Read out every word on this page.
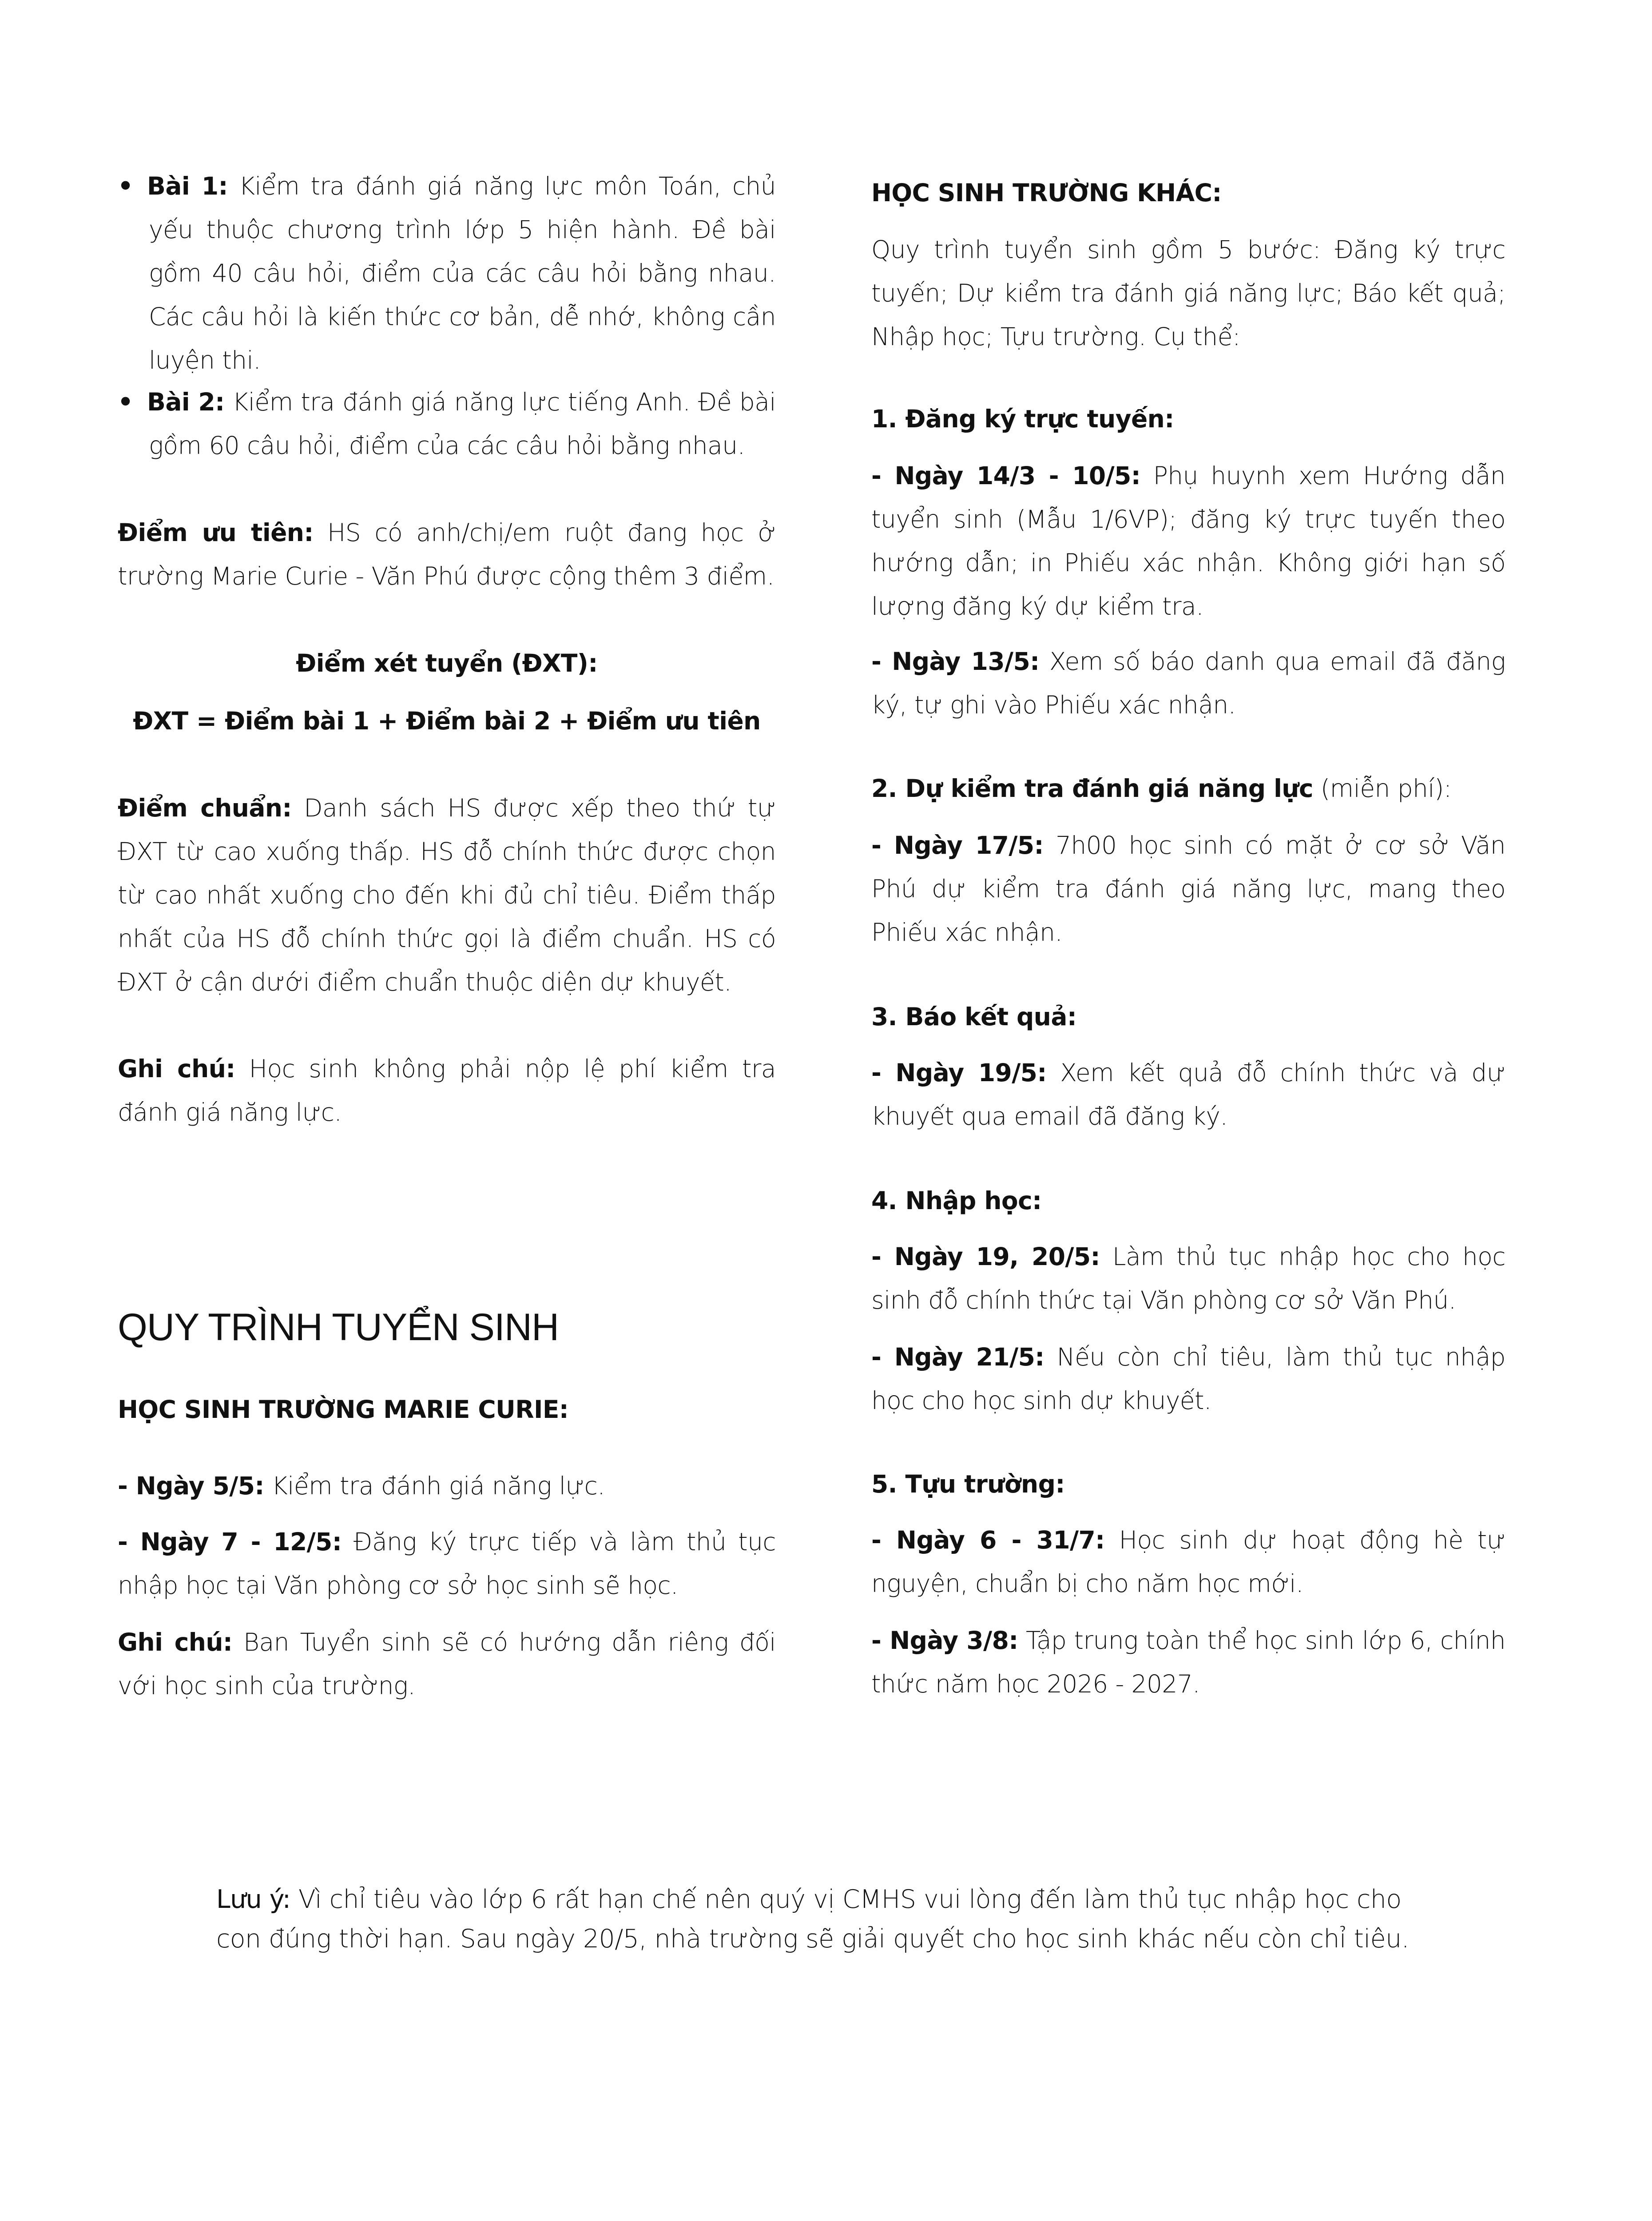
• Bài 1: Kiểm tra đánh giá năng lực môn Toán, chủ yếu thuộc chương trình lớp 5 hiện hành. Đề bài gồm 40 câu hỏi, điểm của các câu hỏi bằng nhau. Các câu hỏi là kiến thức cơ bản, dễ nhớ, không cần luyện thi.
• Bài 2: Kiểm tra đánh giá năng lực tiếng Anh. Đề bài gồm 60 câu hỏi, điểm của các câu hỏi bằng nhau.
Điểm ưu tiên: HS có anh/chị/em ruột đang học ở trường Marie Curie - Văn Phú được cộng thêm 3 điểm.
Điểm xét tuyển (ĐXT):
ĐXT = Điểm bài 1 + Điểm bài 2 + Điểm ưu tiên
Điểm chuẩn: Danh sách HS được xếp theo thứ tự ĐXT từ cao xuống thấp. HS đỗ chính thức được chọn từ cao nhất xuống cho đến khi đủ chỉ tiêu. Điểm thấp nhất của HS đỗ chính thức gọi là điểm chuẩn. HS có ĐXT ở cận dưới điểm chuẩn thuộc diện dự khuyết.
Ghi chú: Học sinh không phải nộp lệ phí kiểm tra đánh giá năng lực.
QUY TRÌNH TUYỂN SINH
HỌC SINH TRƯỜNG MARIE CURIE:
- Ngày 5/5: Kiểm tra đánh giá năng lực.
- Ngày 7 - 12/5: Đăng ký trực tiếp và làm thủ tục nhập học tại Văn phòng cơ sở học sinh sẽ học.
Ghi chú: Ban Tuyển sinh sẽ có hướng dẫn riêng đối với học sinh của trường.
HỌC SINH TRƯỜNG KHÁC:
Quy trình tuyển sinh gồm 5 bước: Đăng ký trực tuyến; Dự kiểm tra đánh giá năng lực; Báo kết quả; Nhập học; Tựu trường. Cụ thể:
1. Đăng ký trực tuyến:
- Ngày 14/3 - 10/5: Phụ huynh xem Hướng dẫn tuyển sinh (Mẫu 1/6VP); đăng ký trực tuyến theo hướng dẫn; in Phiếu xác nhận. Không giới hạn số lượng đăng ký dự kiểm tra.
- Ngày 13/5: Xem số báo danh qua email đã đăng ký, tự ghi vào Phiếu xác nhận.
2. Dự kiểm tra đánh giá năng lực (miễn phí):
- Ngày 17/5: 7h00 học sinh có mặt ở cơ sở Văn Phú dự kiểm tra đánh giá năng lực, mang theo Phiếu xác nhận.
3. Báo kết quả:
- Ngày 19/5: Xem kết quả đỗ chính thức và dự khuyết qua email đã đăng ký.
4. Nhập học:
- Ngày 19, 20/5: Làm thủ tục nhập học cho học sinh đỗ chính thức tại Văn phòng cơ sở Văn Phú.
- Ngày 21/5: Nếu còn chỉ tiêu, làm thủ tục nhập học cho học sinh dự khuyết.
5. Tựu trường:
- Ngày 6 - 31/7: Học sinh dự hoạt động hè tự nguyện, chuẩn bị cho năm học mới.
- Ngày 3/8: Tập trung toàn thể học sinh lớp 6, chính thức năm học 2026 - 2027.
Lưu ý: Vì chỉ tiêu vào lớp 6 rất hạn chế nên quý vị CMHS vui lòng đến làm thủ tục nhập học cho con đúng thời hạn. Sau ngày 20/5, nhà trường sẽ giải quyết cho học sinh khác nếu còn chỉ tiêu.
